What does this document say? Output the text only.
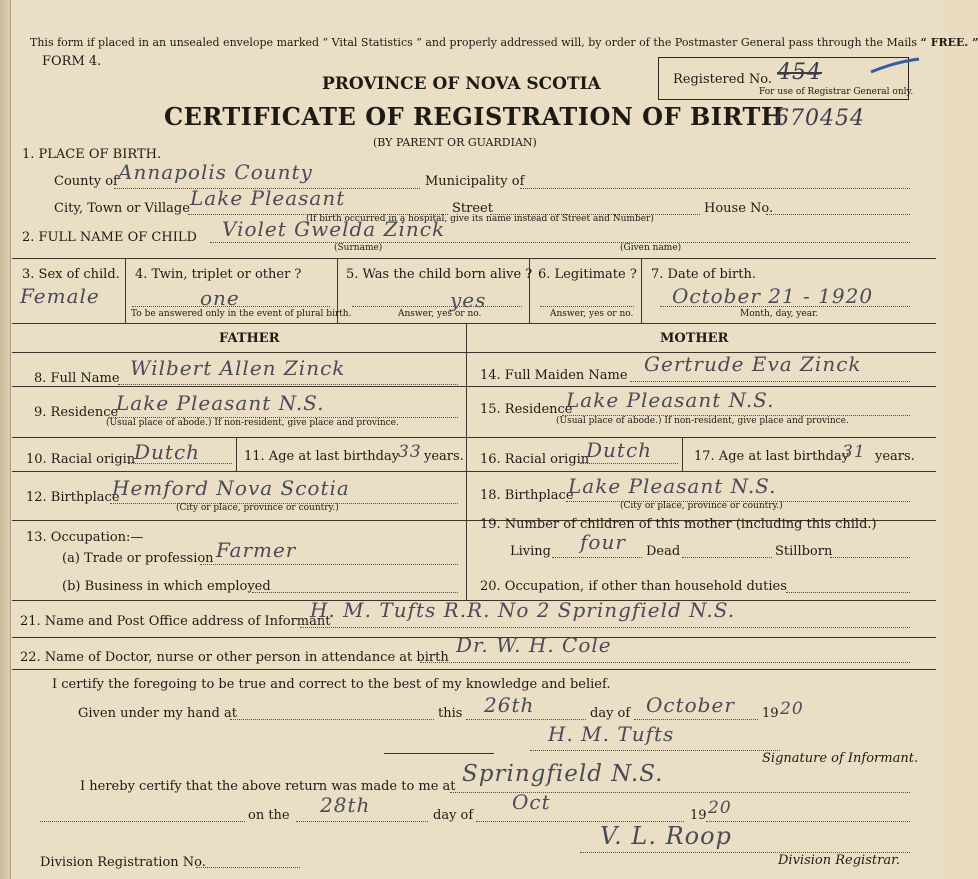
This form if placed in an unsealed envelope marked “ Vital Statistics ” and properly addressed will, by order of the Postmaster General pass through the Mails “ FREE. ”
FORM 4.
PROVINCE OF NOVA SCOTIA
CERTIFICATE OF REGISTRATION OF BIRTH
(BY PARENT OR GUARDIAN)
670454
Registered No. 454
For use of Registrar General only.
1. PLACE OF BIRTH.
County of Annapolis County	Municipality of
City, Town or Village Lake Pleasant	Street	House No.
(If birth occurred in a hospital, give its name instead of Street and Number)
2. FULL NAME OF CHILD Violet Gwelda Zinck
(Surname)	(Given name)
3. Sex of child.
Female
4. Twin, triplet or other ?
one
To be answered only in the event of plural birth.
5. Was the child born alive ?
yes
Answer, yes or no.
6. Legitimate ?
Answer, yes or no.
7. Date of birth.
October 21 - 1920
Month, day, year.
FATHER	MOTHER
8. Full Name Wilbert Allen Zinck
9. Residence
Lake Pleasant N.S.
(Usual place of abode.) If non-resident, give place and province.
10. Racial origin
Dutch	11. Age at last birthday
33 years.
12. Birthplace
Hemford Nova Scotia
(City or place, province or country.)
13. Occupation:—
(a) Trade or profession Farmer
(b) Business in which employed
14. Full Maiden Name Gertrude Eva Zinck
15. Residence
Lake Pleasant N.S.
(Usual place of abode.) If non-resident, give place and province.
16. Racial origin
Dutch	17. Age at last birthday
31 years.
18. Birthplace
Lake Pleasant N.S.
(City or place, province or country.)
19. Number of children of this mother (including this child.)
Living four Dead	Stillborn
20. Occupation, if other than household duties
21. Name and Post Office address of Informant
H. M. Tufts R.R. No 2 Springfield N.S.
22. Name of Doctor, nurse or other person in attendance at birth
Dr. W. H. Cole
I certify the foregoing to be true and correct to the best of my knowledge and belief.
Given under my hand at	this 26th	day of October 19 20
H. M. Tufts
Signature of Informant.
I hereby certify that the above return was made to me at Springfield N.S.
on the 28th	day of
Oct
19 20
V. L. Roop
Division Registration No.	Division Registrar.
